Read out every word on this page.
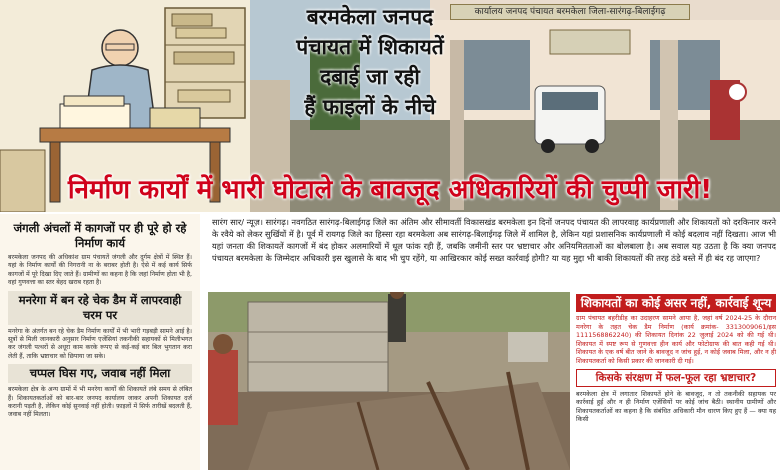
कार्यालय जनपद पंचायत बरमकेला जिला-सारंगढ़-बिलाईगढ़
बरमकेला जनपद
पंचायत में शिकायतें
दबाई जा रही
हैं फाइलों के नीचे
निर्माण कार्यों में भारी घोटाले के बावजूद अधिकारियों की चुप्पी जारी!
जंगली अंचलों में कागजों पर ही पूरे हो रहे निर्माण कार्य

बरमकेला जनपद की अधिकांश ग्राम पंचायतें जंगली और दुर्गम क्षेत्रों में स्थित हैं। यहां के निर्माण कार्यों की निगरानी ना के बराबर होती है। ऐसे में कई कार्य सिर्फ कागजों में पूरे दिखा दिए जाते हैं। ग्रामीणों का कहना है कि जहां निर्माण होता भी है, वहां गुणवत्ता का स्तर बेहद खराब रहता है।

मनरेगा में बन रहे चेक डैम में लापरवाही चरम पर

मनरेगा के अंतर्गत बन रहे चेक डैम निर्माण कार्यों में भी भारी गड़बड़ी सामने आई है। सूत्रों से मिली जानकारी अनुसार निर्माण एजेंसियां तकनीकी सहायकों से मिलीभगत कर जंगली पत्थरों से अधूरा काम करके रूपए से कई-कई बार बिल भुगतान करा लेती हैं, ताकि भ्रष्टाचार को छिपाया जा सके।

चप्पल घिस गए, जवाब नहीं मिला

बरमकेला क्षेत्र के अन्य ग्रामों में भी मनरेगा कार्यों की शिकायतें लंबे समय से लंबित हैं। शिकायतकर्ताओं को बार-बार जनपद कार्यालय जाकर अपनी शिकायत दर्ज करानी पड़ती है, लेकिन कोई सुनवाई नहीं होती। फ़ाइलों में सिर्फ तारीखें बदलती हैं, जवाब नहीं मिलता।

सारंग सार/ न्यूज़। सारंगढ़। नवगठित सारंगढ़-बिलाईगढ़ जिले का अंतिम और सीमावर्ती विकासखंड बरमकेला इन दिनों जनपद पंचायत की लापरवाह कार्यप्रणाली और शिकायतों को दरकिनार करने के रवैये को लेकर सुर्खियों में है। पूर्व में रायगढ़ जिले का हिस्सा रहा बरमकेला अब सारंगढ़-बिलाईगढ़ जिले में शामिल है, लेकिन यहां प्रशासनिक कार्यप्रणाली में कोई बदलाव नहीं दिखता। आज भी यहां जनता की शिकायतें कागजों में बंद होकर अलमारियों में धूल फांक रही हैं, जबकि जमीनी स्तर पर भ्रष्टाचार और अनियमितताओं का बोलबाला है। अब सवाल यह उठता है कि क्या जनपद पंचायत बरमकेला के जिम्मेदार अधिकारी इस खुलासे के बाद भी चुप रहेंगे, या आखिरकार कोई सख्त कार्रवाई होगी? या यह मुद्दा भी बाकी शिकायतों की तरह ठंडे बस्ते में ही बंद रह जाएगा?
शिकायतों का कोई असर नहीं, कार्रवाई शून्य

ग्राम पंचायत बहरीडीह का उदाहरण सामने आया है, जहां वर्ष 2024-25 के दौरान मनरेगा के तहत चेक डैम निर्माण (कार्य क्रमांक- 3313009061/इस 1111568862240) की शिकायत दिनांक 22 जुलाई 2024 को की गई थी। शिकायत में स्पष्ट रूप से गुणवत्ता हीन कार्य और फोटोग्राफ की बात कही गई थी। शिकायत के एक वर्ष बीत जाने के बावजूद न जांच हुई, न कोई जवाब मिला, और न ही शिकायतकर्ता को किसी प्रकार की जानकारी दी गई।

किसके संरक्षण में फल-फूल रहा भ्रष्टाचार?

बरमकेला क्षेत्र में लगातार शिकायतें होने के बावजूद, न तो तकनीकी सहायक पर कार्रवाई हुई और न ही निर्माण एजेंसियों पर कोई जांच बैठी। स्थानीय ग्रामीणों और शिकायतकर्ताओं का कहना है कि संबंधित अधिकारी मौन धारण किए हुए हैं — क्या यह किसी
